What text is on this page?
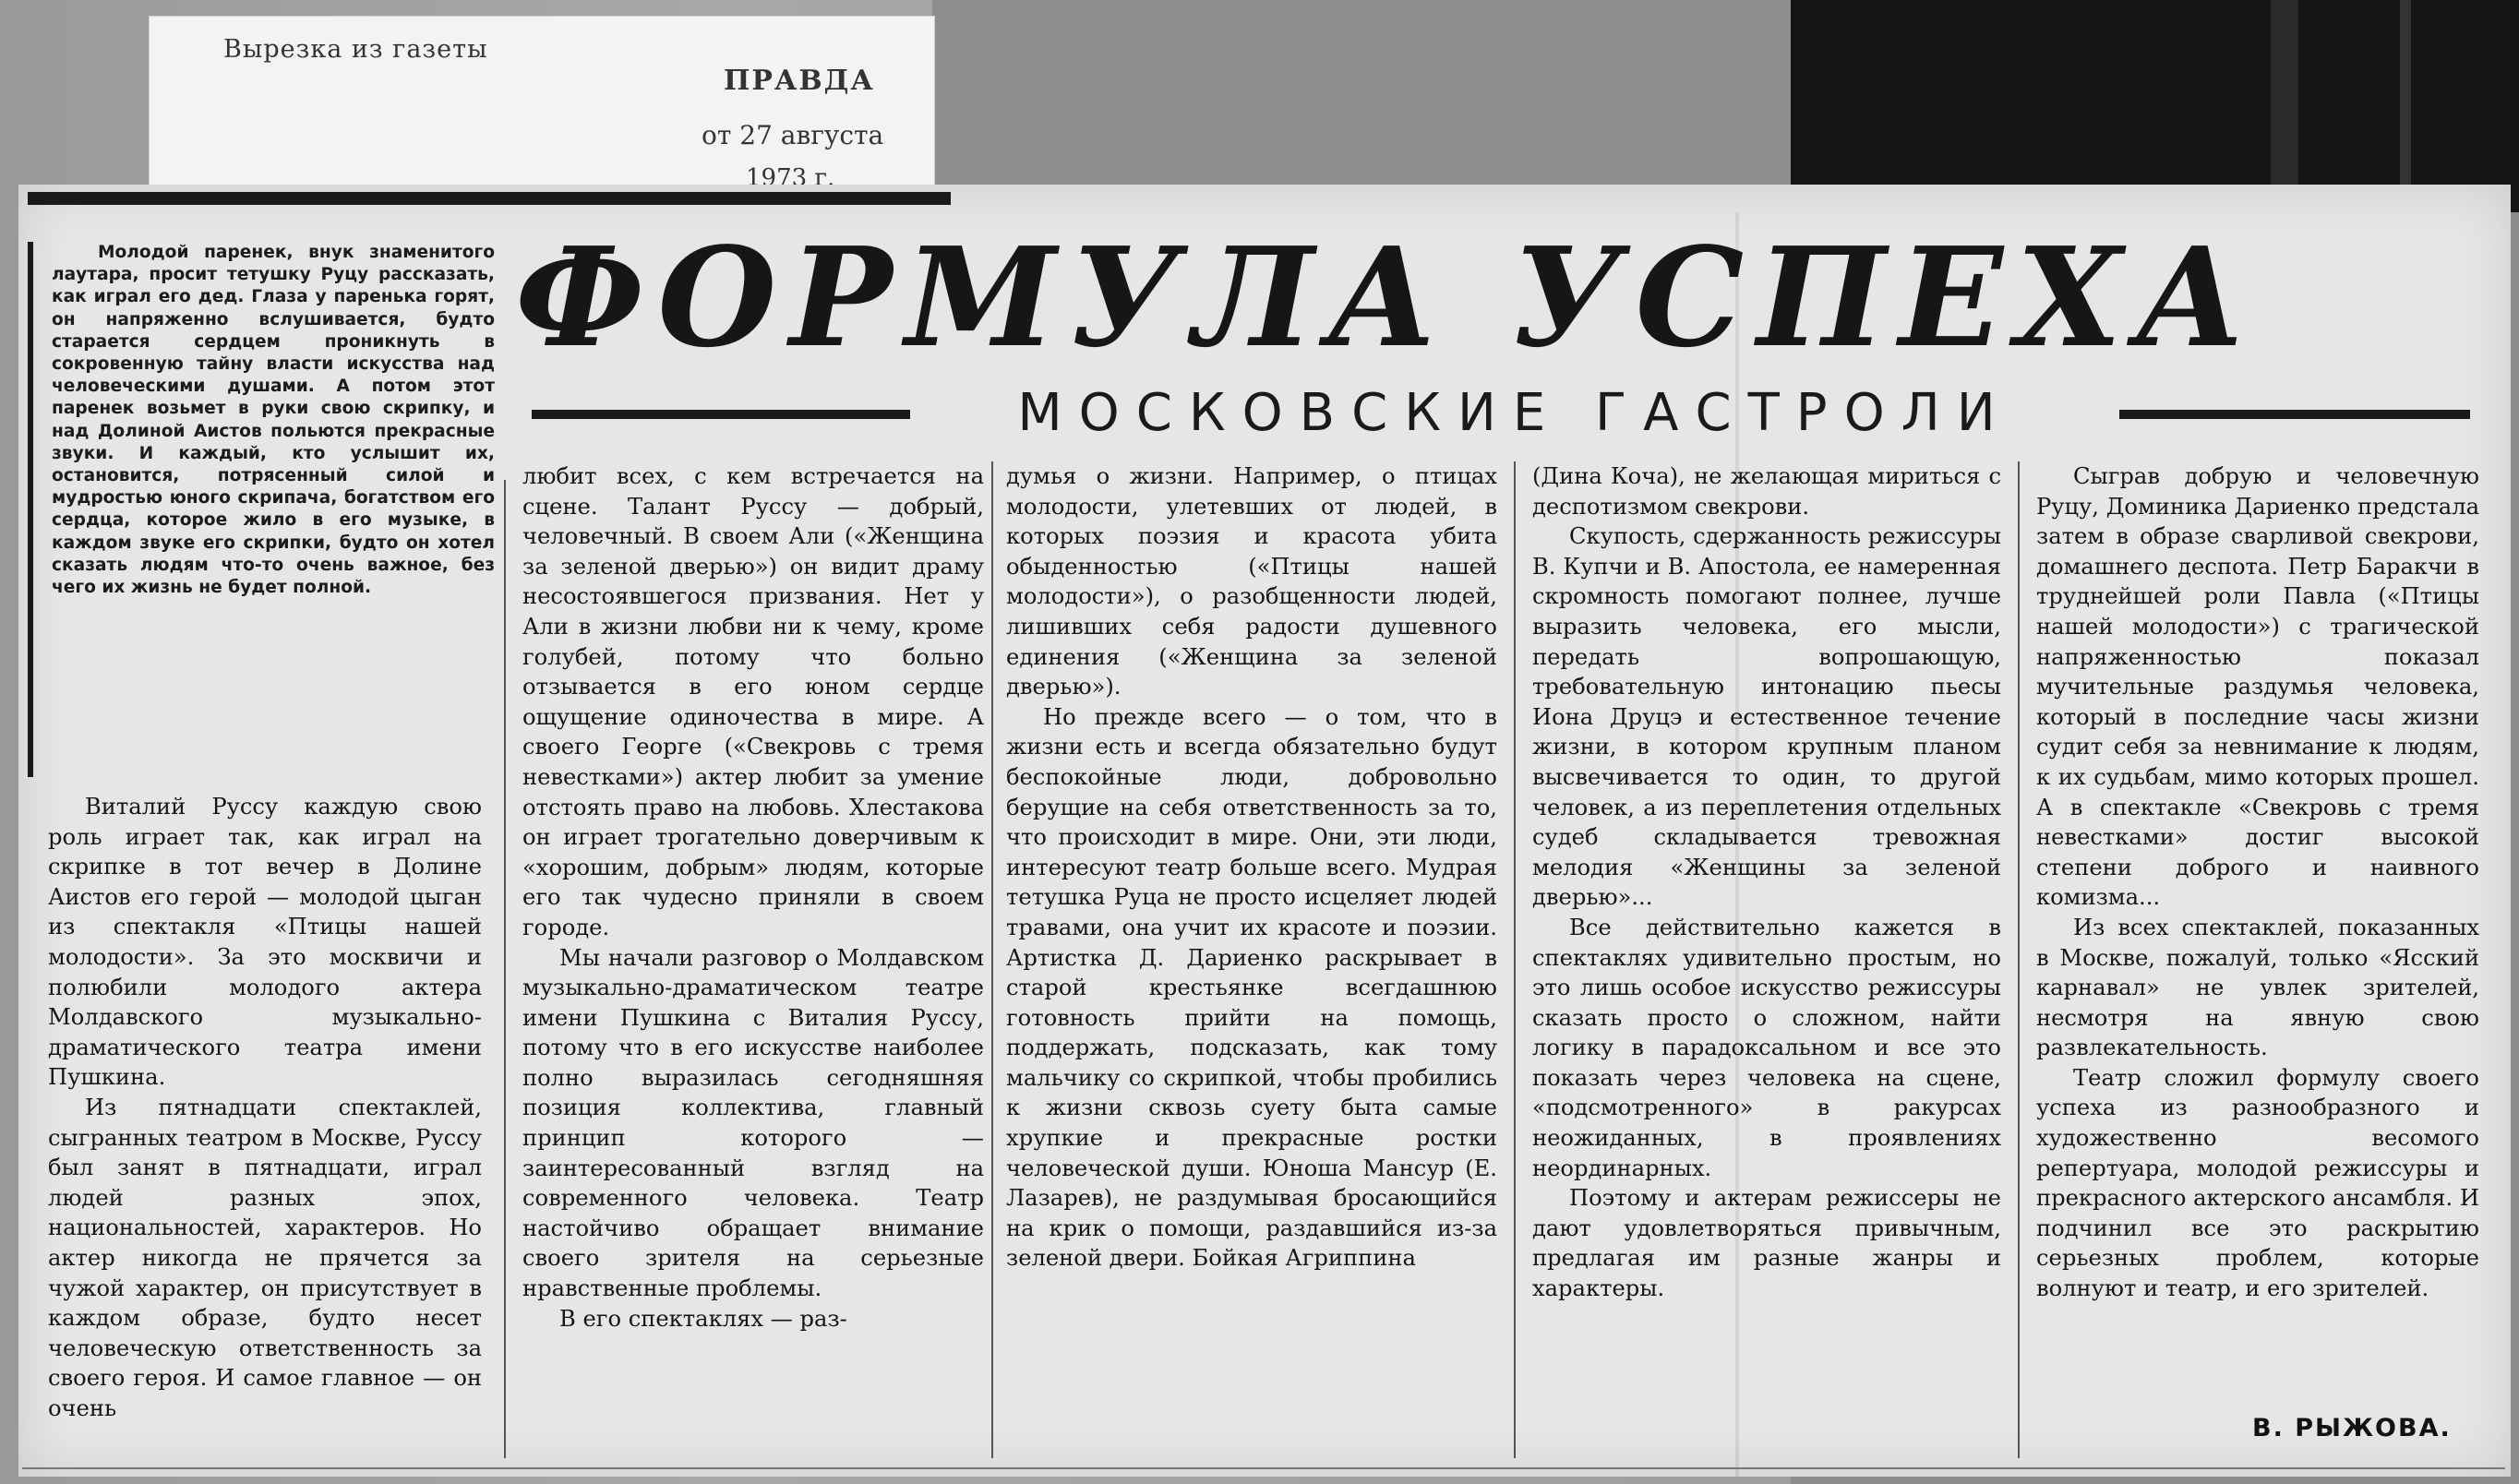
Вырезка из газеты
ПРАВДА
от 27 августа
1973 г.
Молодой паренек, внук знаменитого лаутара, просит тетушку Руцу рассказать, как играл его дед. Глаза у паренька горят, он напряженно вслушивается, будто старается сердцем проникнуть в сокровенную тайну власти искусства над человеческими душами. А потом этот паренек возьмет в руки свою скрипку, и над Долиной Аистов польются прекрасные звуки. И каждый, кто услышит их, остановится, потрясенный силой и мудростью юного скрипача, богатством его сердца, которое жило в его музыке, в каждом звуке его скрипки, будто он хотел сказать людям что-то очень важное, без чего их жизнь не будет полной.
ФОРМУЛА УСПЕХА
МОСКОВСКИЕ ГАСТРОЛИ

Виталий Руссу каждую свою роль играет так, как играл на скрипке в тот вечер в Долине Аистов его герой — молодой цыган из спектакля «Птицы нашей молодости». За это москвичи и полюбили молодого актера Молдавского музыкально-драматического театра имени Пушкина.

Из пятнадцати спектаклей, сыгранных театром в Москве, Руссу был занят в пятнадцати, играл людей разных эпох, национальностей, характеров. Но актер никогда не прячется за чужой характер, он присутствует в каждом образе, будто несет человеческую ответственность за своего героя. И самое главное — он очень

любит всех, с кем встречается на сцене. Талант Руссу — добрый, человечный. В своем Али («Женщина за зеленой дверью») он видит драму несостоявшегося призвания. Нет у Али в жизни любви ни к чему, кроме голубей, потому что больно отзывается в его юном сердце ощущение одиночества в мире. А своего Георге («Свекровь с тремя невестками») актер любит за умение отстоять право на любовь. Хлестакова он играет трогательно доверчивым к «хорошим, добрым» людям, которые его так чудесно приняли в своем городе.

Мы начали разговор о Молдавском музыкально-драматическом театре имени Пушкина с Виталия Руссу, потому что в его искусстве наиболее полно выразилась сегодняшняя позиция коллектива, главный принцип которого — заинтересованный взгляд на современного человека. Театр настойчиво обращает внимание своего зрителя на серьезные нравственные проблемы.

В его спектаклях — раз-

думья о жизни. Например, о птицах молодости, улетевших от людей, в которых поэзия и красота убита обыденностью («Птицы нашей молодости»), о разобщенности людей, лишивших себя радости душевного единения («Женщина за зеленой дверью»).

Но прежде всего — о том, что в жизни есть и всегда обязательно будут беспокойные люди, добровольно берущие на себя ответственность за то, что происходит в мире. Они, эти люди, интересуют театр больше всего. Мудрая тетушка Руца не просто исцеляет людей травами, она учит их красоте и поэзии. Артистка Д. Дариенко раскрывает в старой крестьянке всегдашнюю готовность прийти на помощь, поддержать, подсказать, как тому мальчику со скрипкой, чтобы пробились к жизни сквозь суету быта самые хрупкие и прекрасные ростки человеческой души. Юноша Мансур (Е. Лазарев), не раздумывая бросающийся на крик о помощи, раздавшийся из-за зеленой двери. Бойкая Агриппина

(Дина Коча), не желающая мириться с деспотизмом свекрови.

Скупость, сдержанность режиссуры В. Купчи и В. Апостола, ее намеренная скромность помогают полнее, лучше выразить человека, его мысли, передать вопрошающую, требовательную интонацию пьесы Иона Друцэ и естественное течение жизни, в котором крупным планом высвечивается то один, то другой человек, а из переплетения отдельных судеб складывается тревожная мелодия «Женщины за зеленой дверью»...

Все действительно кажется в спектаклях удивительно простым, но это лишь особое искусство режиссуры сказать просто о сложном, найти логику в парадоксальном и все это показать через человека на сцене, «подсмотренного» в ракурсах неожиданных, в проявлениях неординарных.

Поэтому и актерам режиссеры не дают удовлетворяться привычным, предлагая им разные жанры и характеры.

Сыграв добрую и человечную Руцу, Доминика Дариенко предстала затем в образе сварливой свекрови, домашнего деспота. Петр Баракчи в труднейшей роли Павла («Птицы нашей молодости») с трагической напряженностью показал мучительные раздумья человека, который в последние часы жизни судит себя за невнимание к людям, к их судьбам, мимо которых прошел. А в спектакле «Свекровь с тремя невестками» достиг высокой степени доброго и наивного комизма...

Из всех спектаклей, показанных в Москве, пожалуй, только «Ясский карнавал» не увлек зрителей, несмотря на явную свою развлекательность.

Театр сложил формулу своего успеха из разнообразного и художественно весомого репертуара, молодой режиссуры и прекрасного актерского ансамбля. И подчинил все это раскрытию серьезных проблем, которые волнуют и театр, и его зрителей.

В. РЫЖОВА.
